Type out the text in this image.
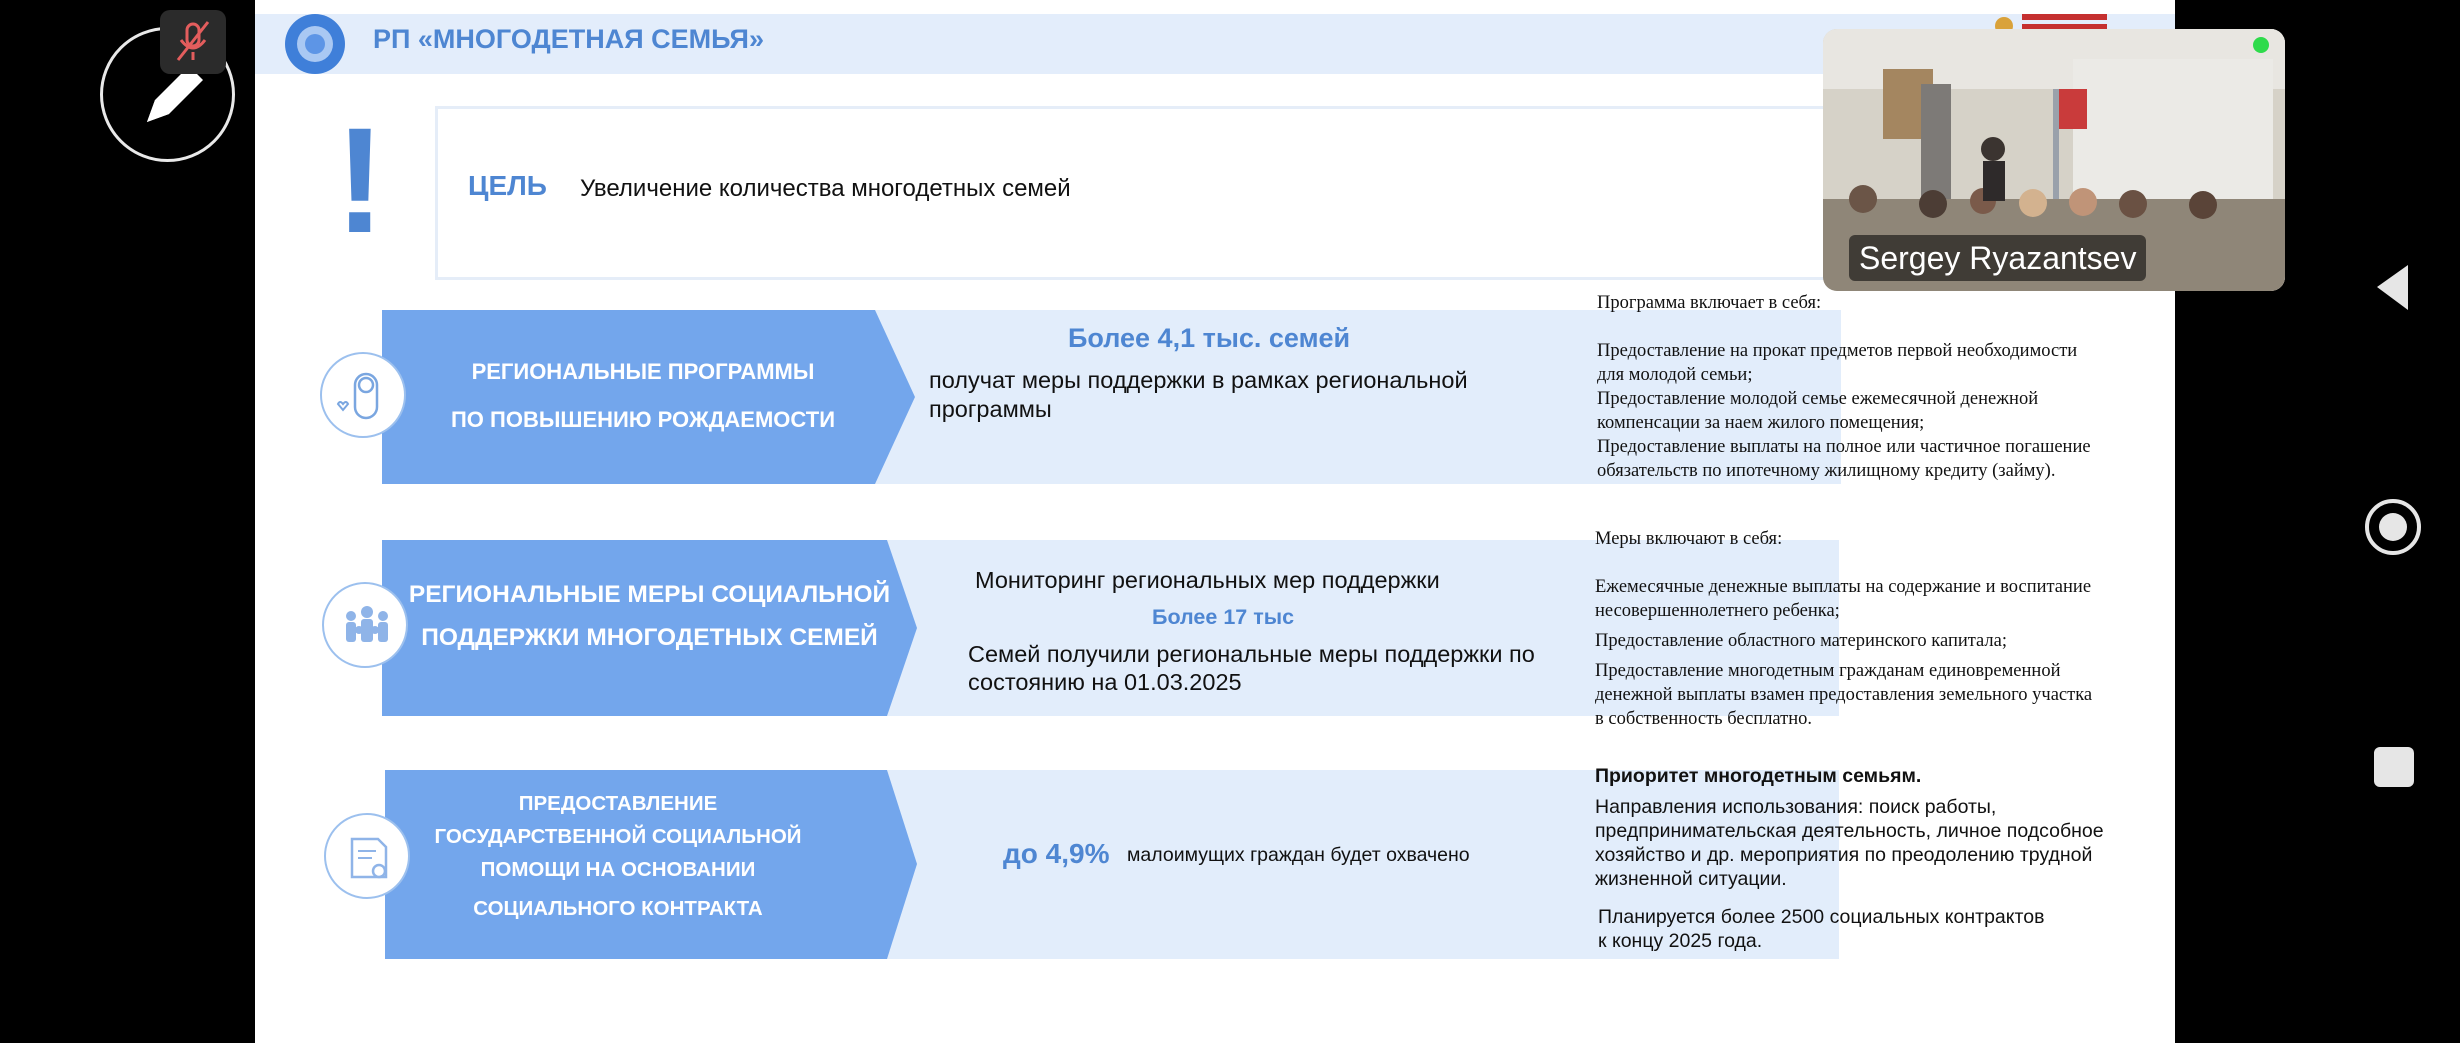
РП «МНОГОДЕТНАЯ СЕМЬЯ»
!	ЦЕЛЬ Увеличение количества многодетных семей
РЕГИОНАЛЬНЫЕ ПРОГРАММЫ
ПО ПОВЫШЕНИЮ РОЖДАЕМОСТИ
Более 4,1 тыс. семей
получат меры поддержки в рамках региональной
программы
РЕГИОНАЛЬНЫЕ МЕРЫ СОЦИАЛЬНОЙ
ПОДДЕРЖКИ МНОГОДЕТНЫХ СЕМЕЙ
Мониторинг региональных мер поддержки
Более 17 тыс
Семей получили региональные меры поддержки по
состоянию на 01.03.2025
ПРЕДОСТАВЛЕНИЕ
ГОСУДАРСТВЕННОЙ СОЦИАЛЬНОЙ
ПОМОЩИ НА ОСНОВАНИИ
СОЦИАЛЬНОГО КОНТРАКТА
до 4,9% малоимущих граждан будет охвачено
Программа включает в себя:
Предоставление на прокат предметов первой необходимости
для молодой семьи;
Предоставление молодой семье ежемесячной денежной
компенсации за наем жилого помещения;
Предоставление выплаты на полное или частичное погашение
обязательств по ипотечному жилищному кредиту (займу).
Меры включают в себя:
Ежемесячные денежные выплаты на содержание и воспитание
несовершеннолетнего ребенка;
Предоставление областного материнского капитала;
Предоставление многодетным гражданам единовременной
денежной выплаты взамен предоставления земельного участка
в собственность бесплатно.
Приоритет многодетным семьям.
Направления использования: поиск работы,
предпринимательская деятельность, личное подсобное
хозяйство и др. мероприятия по преодолению трудной
жизненной ситуации.
Планируется более 2500 социальных контрактов
к концу 2025 года.
Sergey Ryazantsev
